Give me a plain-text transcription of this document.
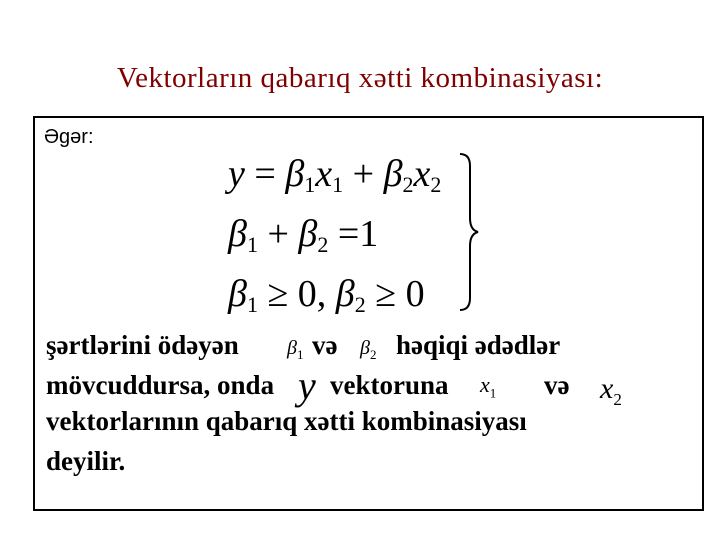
Vektorların qabarıq xətti kombinasiyası:
Əgər:
$y = \beta_1x_1 + \beta_2x_2$
$\beta_1 + \beta_2 =1$
$\beta_1 \ge 0$, $\beta_2 \ge 0$
şərtlərini ödəyən $\beta_1$ və $\beta_2$ həqiqi ədədlər
mövcuddursa, onda y vektoruna $x_1$ və $x_2$
vektorlarının qabarıq xətti kombinasiyası
deyilir.
